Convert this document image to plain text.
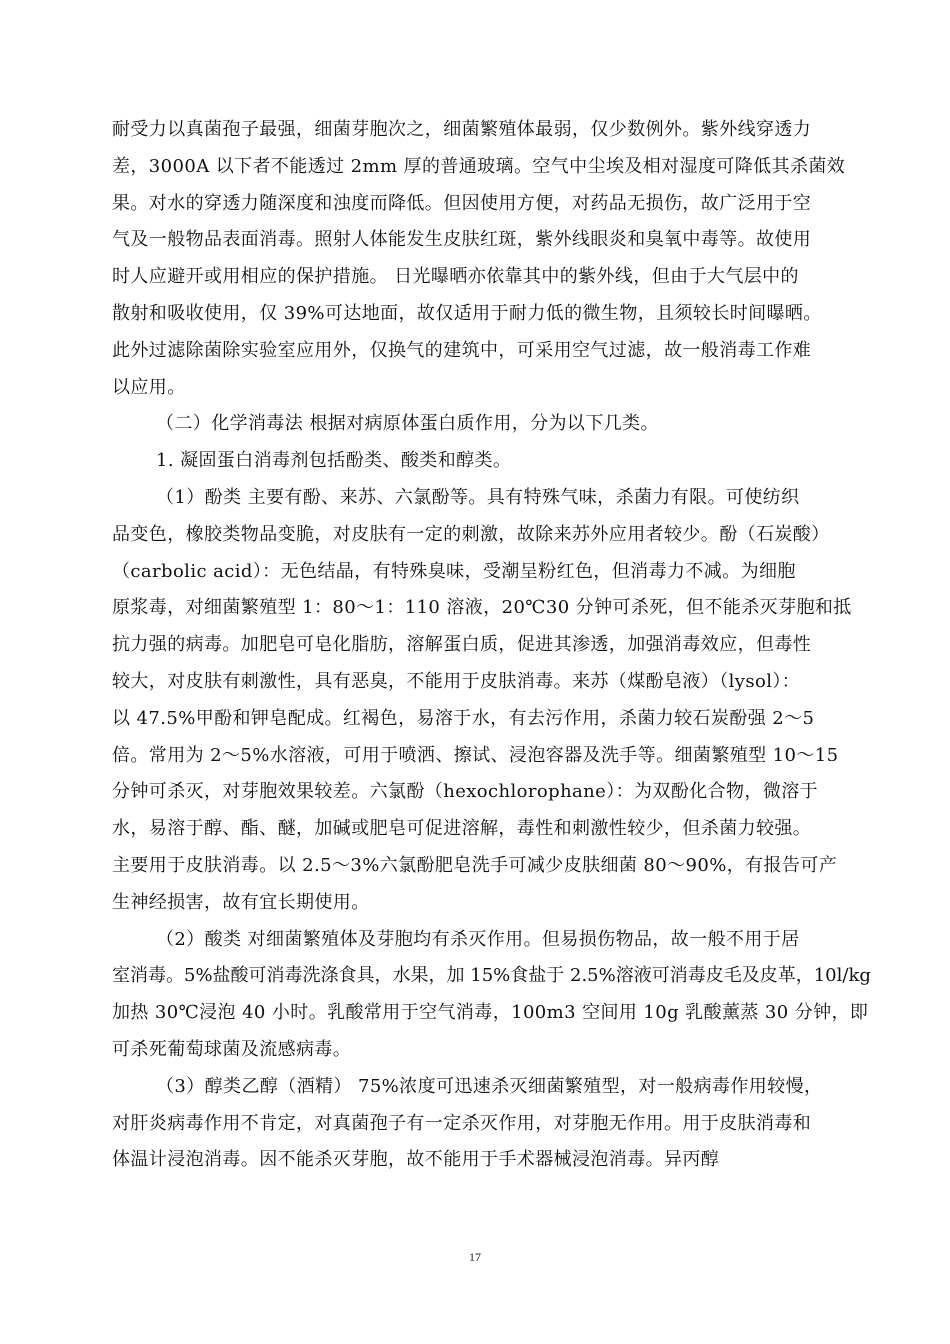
耐受力以真菌孢子最强，细菌芽胞次之，细菌繁殖体最弱，仅少数例外。紫外线穿透力
差，3000A 以下者不能透过 2mm 厚的普通玻璃。空气中尘埃及相对湿度可降低其杀菌效
果。对水的穿透力随深度和浊度而降低。但因使用方便，对药品无损伤，故广泛用于空
气及一般物品表面消毒。照射人体能发生皮肤红斑，紫外线眼炎和臭氧中毒等。故使用
时人应避开或用相应的保护措施。 日光曝晒亦依靠其中的紫外线，但由于大气层中的
散射和吸收使用，仅 39%可达地面，故仅适用于耐力低的微生物，且须较长时间曝晒。
此外过滤除菌除实验室应用外，仅换气的建筑中，可采用空气过滤，故一般消毒工作难
以应用。
（二）化学消毒法 根据对病原体蛋白质作用，分为以下几类。
1. 凝固蛋白消毒剂包括酚类、酸类和醇类。
（1）酚类 主要有酚、来苏、六氯酚等。具有特殊气味，杀菌力有限。可使纺织
品变色，橡胶类物品变脆，对皮肤有一定的刺激，故除来苏外应用者较少。酚（石炭酸）
（carbolic acid）：无色结晶，有特殊臭味，受潮呈粉红色，但消毒力不减。为细胞
原浆毒，对细菌繁殖型 1：80～1：110 溶液，20℃30 分钟可杀死，但不能杀灭芽胞和抵
抗力强的病毒。加肥皂可皂化脂肪，溶解蛋白质，促进其渗透，加强消毒效应，但毒性
较大，对皮肤有刺激性，具有恶臭，不能用于皮肤消毒。来苏（煤酚皂液）（lysol）：
以 47.5%甲酚和钾皂配成。红褐色，易溶于水，有去污作用，杀菌力较石炭酚强 2～5
倍。常用为 2～5%水溶液，可用于喷洒、擦试、浸泡容器及洗手等。细菌繁殖型 10～15
分钟可杀灭，对芽胞效果较差。六氯酚（hexochlorophane）：为双酚化合物，微溶于
水，易溶于醇、酯、醚，加碱或肥皂可促进溶解，毒性和刺激性较少，但杀菌力较强。
主要用于皮肤消毒。以 2.5～3%六氯酚肥皂洗手可减少皮肤细菌 80～90%，有报告可产
生神经损害，故有宜长期使用。
（2）酸类 对细菌繁殖体及芽胞均有杀灭作用。但易损伤物品，故一般不用于居
室消毒。5%盐酸可消毒洗涤食具，水果，加 15%食盐于 2.5%溶液可消毒皮毛及皮革，10l/kg
加热 30℃浸泡 40 小时。乳酸常用于空气消毒，100m3 空间用 10g 乳酸薰蒸 30 分钟，即
可杀死葡萄球菌及流感病毒。
（3）醇类乙醇（酒精） 75%浓度可迅速杀灭细菌繁殖型，对一般病毒作用较慢，
对肝炎病毒作用不肯定，对真菌孢子有一定杀灭作用，对芽胞无作用。用于皮肤消毒和
体温计浸泡消毒。因不能杀灭芽胞，故不能用于手术器械浸泡消毒。异丙醇
17
